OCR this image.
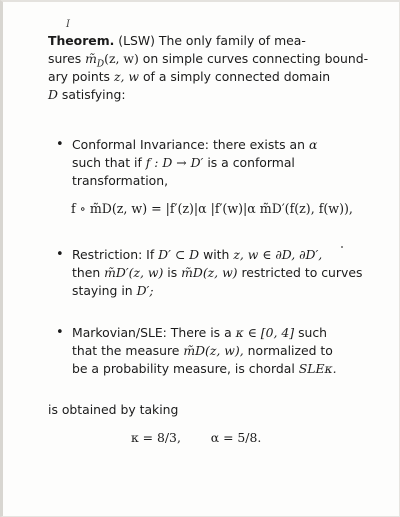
I
Theorem. (LSW) The only family of mea-
sures $m̃_D(z$, w) on simple curves connecting bound-
ary points z, w of a simply connected domain
D satisfying:
• Conformal Invariance: there exists an α
such that if f : D → D′ is a conformal
transformation,
f ∘ m̃D(z, w) = |f′(z)|α |f′(w)|α m̃D′(f(z), f(w)),
• Restriction: If D′ ⊂ D with z, w ∈ ∂D, ∂D′,
then m̃D′(z, w) is m̃D(z, w) restricted to curves
staying in D′;
• Markovian/SLE: There is a κ ∈ [0, 4] such
that the measure m̃D(z, w), normalized to
be a probability measure, is chordal SLEκ.
is obtained by taking
κ = 8/3, α = 5/8.
